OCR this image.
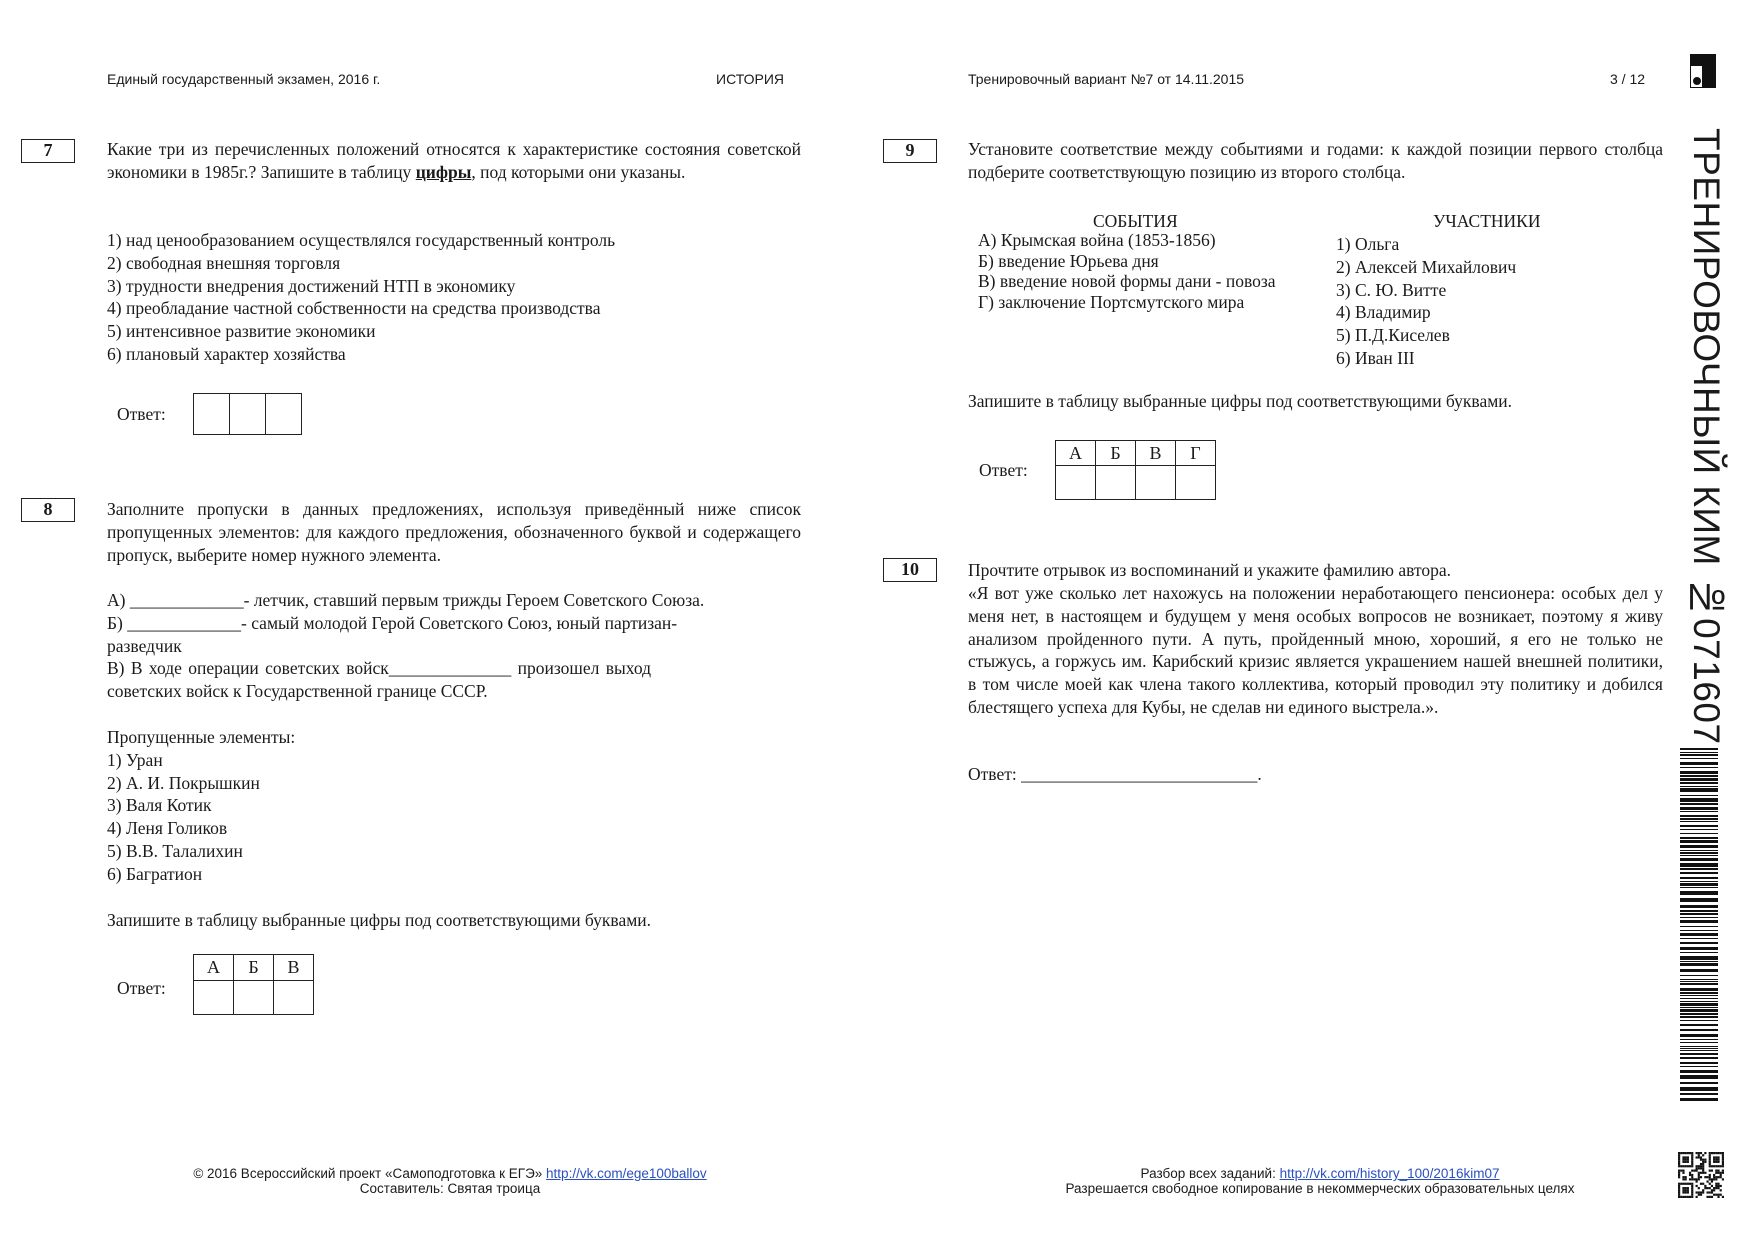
Единый государственный экзамен, 2016 г.	ИСТОРИЯ	Тренировочный вариант №7 от 14.11.2015	3 / 12
7	Какие три из перечисленных положений относятся к характеристике состояния советской экономики в 1985г.? Запишите в таблицу цифры, под которыми они указаны.
1) над ценообразованием осуществлялся государственный контроль
2) свободная внешняя торговля
3) трудности внедрения достижений НТП в экономику
4) преобладание частной собственности на средства производства
5) интенсивное развитие экономики
6) плановый характер хозяйства
Ответ:

8	Заполните пропуски в данных предложениях, используя приведённый ниже список пропущенных элементов: для каждого предложения, обозначенного буквой и содержащего пропуск, выберите номер нужного элемента.
А) _____________- летчик, ставший первым трижды Героем Советского Союза.
Б) _____________- самый молодой Герой Советского Союз, юный партизан-
разведчик
В) В ходе операции советских войск______________ произошел выход
советских войск к Государственной границе СССР.
Пропущенные элементы:
1) Уран
2) А. И. Покрышкин
3) Валя Котик
4) Леня Голиков
5) В.В. Талалихин
6) Багратион
Запишите в таблицу выбранные цифры под соответствующими буквами.
Ответ:
А	Б	В

9	Установите соответствие между событиями и годами: к каждой позиции первого столбца подберите соответствующую позицию из второго столбца.
СОБЫТИЯ
А) Крымская война (1853-1856)
Б) введение Юрьева дня
В) введение новой формы дани - повоза
Г) заключение Портсмутского мира
УЧАСТНИКИ
1) Ольга
2) Алексей Михайлович
3) С. Ю. Витте
4) Владимир
5) П.Д.Киселев
6) Иван III
Запишите в таблицу выбранные цифры под соответствующими буквами.
Ответ:
А	Б	В	Г

10	Прочтите отрывок из воспоминаний и укажите фамилию автора.
«Я вот уже сколько лет нахожусь на положении неработающего пенсионера: особых дел у меня нет, в настоящем и будущем у меня особых вопросов не возникает, поэтому я живу анализом пройденного пути. А путь, пройденный мною, хороший, я его не только не стыжусь, а горжусь им. Карибский кризис является украшением нашей внешней политики, в том числе моей как члена такого коллектива, который проводил эту политику и добился блестящего успеха для Кубы, не сделав ни единого выстрела.».
Ответ: ___________________________.
ТРЕНИРОВОЧНЫЙ КИМ №071607
© 2016 Всероссийский проект «Самоподготовка к ЕГЭ» http://vk.com/ege100ballov
Составитель: Святая троица
Разбор всех заданий: http://vk.com/history_100/2016kim07
Разрешается свободное копирование в некоммерческих образовательных целях
